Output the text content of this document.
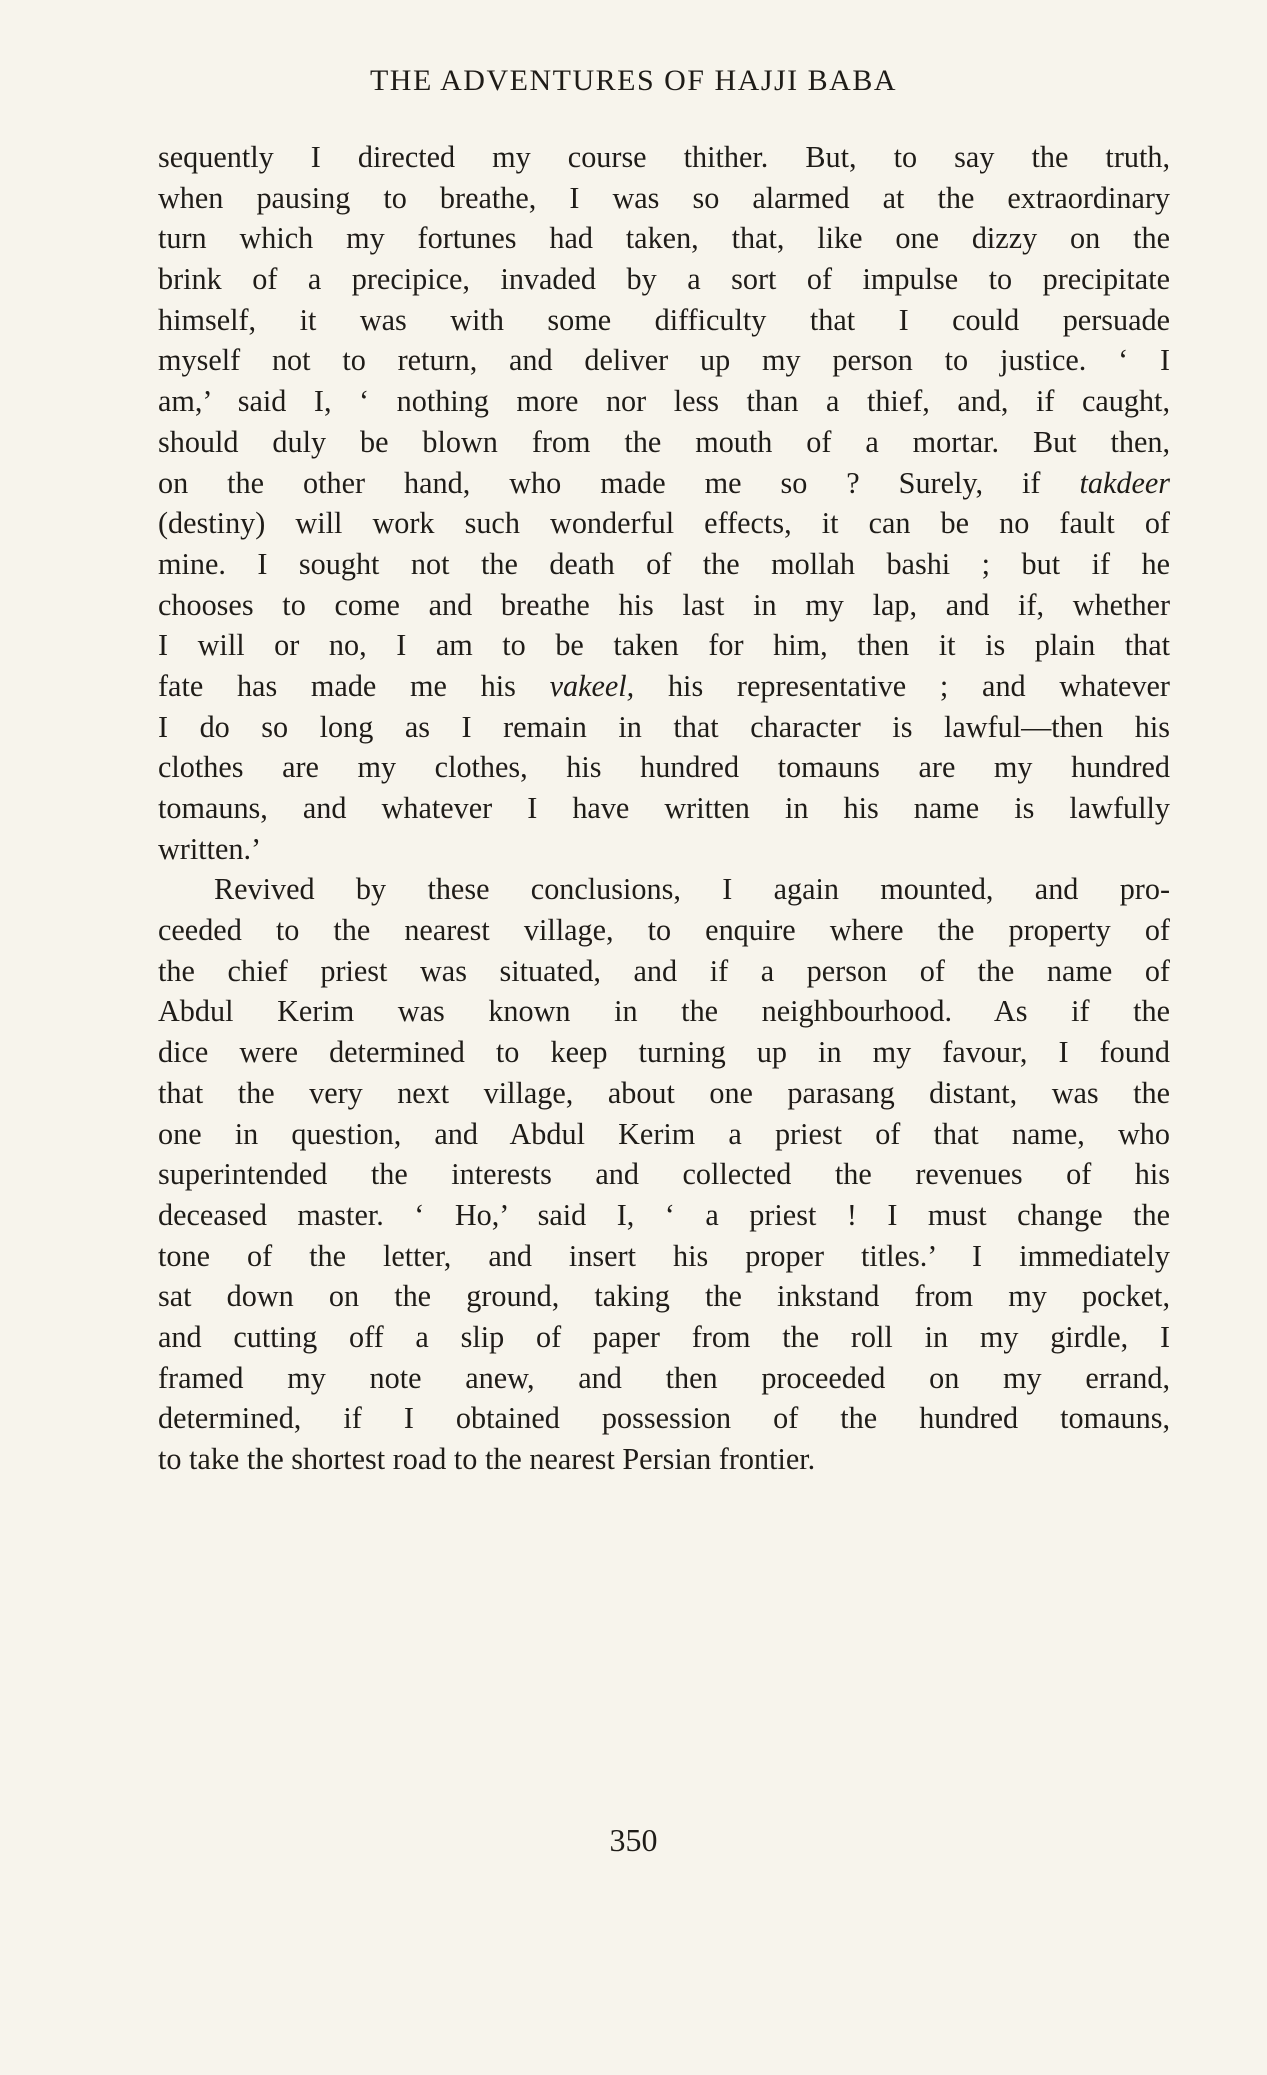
THE ADVENTURES OF HAJJI BABA
sequently I directed my course thither. But, to say the truth,
when pausing to breathe, I was so alarmed at the extraordinary
turn which my fortunes had taken, that, like one dizzy on the
brink of a precipice, invaded by a sort of impulse to precipitate
himself, it was with some difficulty that I could persuade
myself not to return, and deliver up my person to justice. ‘ I
am,’ said I, ‘ nothing more nor less than a thief, and, if caught,
should duly be blown from the mouth of a mortar. But then,
on the other hand, who made me so ? Surely, if takdeer
(destiny) will work such wonderful effects, it can be no fault of
mine. I sought not the death of the mollah bashi ; but if he
chooses to come and breathe his last in my lap, and if, whether
I will or no, I am to be taken for him, then it is plain that
fate has made me his vakeel, his representative ; and whatever
I do so long as I remain in that character is lawful—then his
clothes are my clothes, his hundred tomauns are my hundred
tomauns, and whatever I have written in his name is lawfully
written.’
Revived by these conclusions, I again mounted, and pro-
ceeded to the nearest village, to enquire where the property of
the chief priest was situated, and if a person of the name of
Abdul Kerim was known in the neighbourhood. As if the
dice were determined to keep turning up in my favour, I found
that the very next village, about one parasang distant, was the
one in question, and Abdul Kerim a priest of that name, who
superintended the interests and collected the revenues of his
deceased master. ‘ Ho,’ said I, ‘ a priest ! I must change the
tone of the letter, and insert his proper titles.’ I immediately
sat down on the ground, taking the inkstand from my pocket,
and cutting off a slip of paper from the roll in my girdle, I
framed my note anew, and then proceeded on my errand,
determined, if I obtained possession of the hundred tomauns,
to take the shortest road to the nearest Persian frontier.
350
